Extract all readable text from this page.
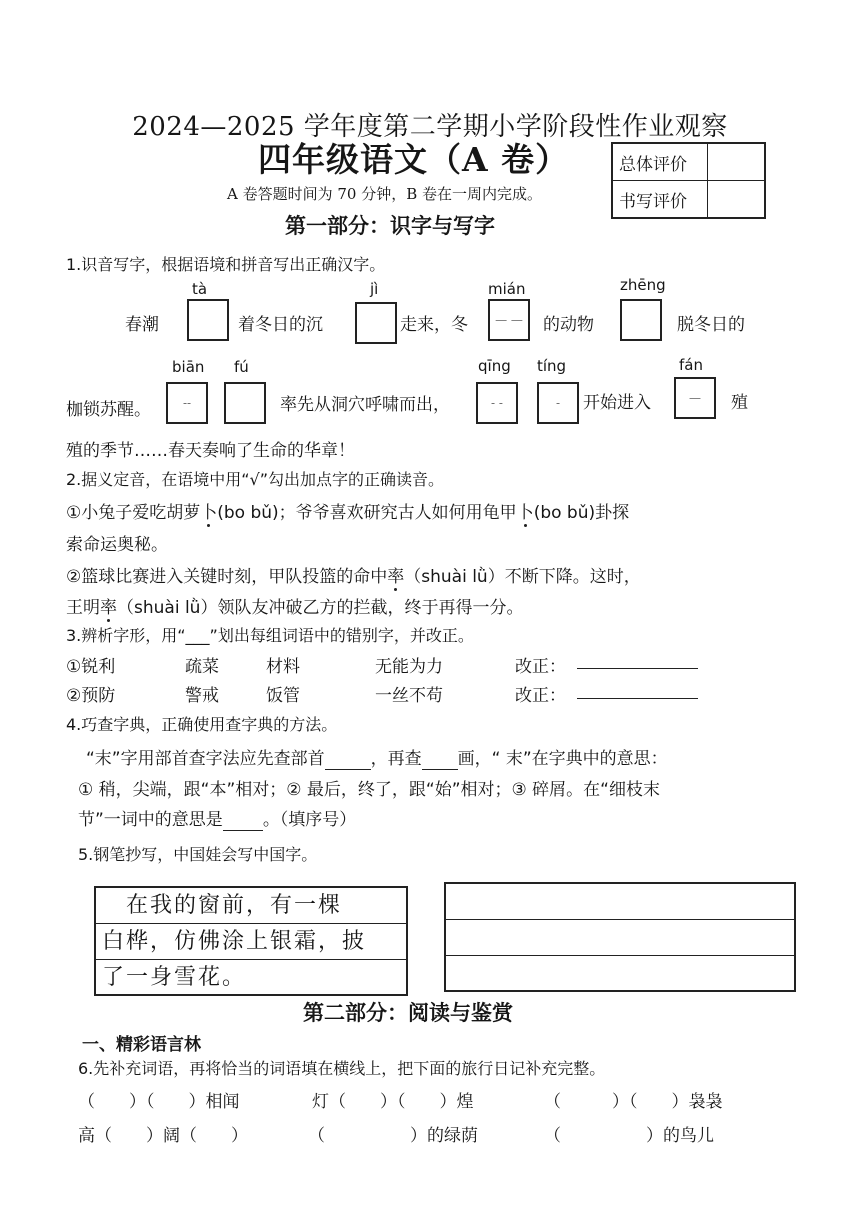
2024—2025 学年度第二学期小学阶段性作业观察
四年级语文（A 卷）
A 卷答题时间为 70 分钟，B 卷在一周内完成。
总体评价	
书写评价	
第一部分：识字与写字
1.识音写字，根据语境和拼音写出正确汉字。
tà	jì	mián	zhēng
春潮	着冬日的沉	走来，冬	— —	的动物	脱冬日的
biān fú	qīng tíng	fán
枷锁苏醒。	--	率先从洞穴呼啸而出，	- -	-	开始进入	—	殖
殖的季节……春天奏响了生命的华章！
2.据义定音，在语境中用“√”勾出加点字的正确读音。
①小兔子爱吃胡萝卜(bo bǔ)；爷爷喜欢研究古人如何用龟甲卜(bo bǔ)卦探
索命运奥秘。
②篮球比赛进入关键时刻，甲队投篮的命中率（shuài lǜ）不断下降。这时，
王明率（shuài lǜ）领队友冲破乙方的拦截，终于再得一分。
3.辨析字形，用“___”划出每组词语中的错别字，并改正。
①锐利	疏菜	材料	无能为力	改正：
②预防	警戒	饭管	一丝不苟	改正：
4.巧查字典，正确使用查字典的方法。
“末”字用部首查字法应先查部首	，再查 画，“ 末”在字典中的意思：
① 稍，尖端，跟“本”相对；② 最后，终了，跟“始”相对；③ 碎屑。在“细枝末
节”一词中的意思是 。（填序号）
5.钢笔抄写，中国娃会写中国字。
　在我的窗前，有一棵
白桦，仿佛涂上银霜，披
了一身雪花。
第二部分：阅读与鉴赏
一、精彩语言林
6.先补充词语，再将恰当的词语填在横线上，把下面的旅行日记补充完整。
（　　）（　　）相闻	灯（　　）（　　）煌	（　　　）（　　）袅袅
高（　　）阔（　　）	（　　　　　）的绿荫	（　　　　　）的鸟儿
